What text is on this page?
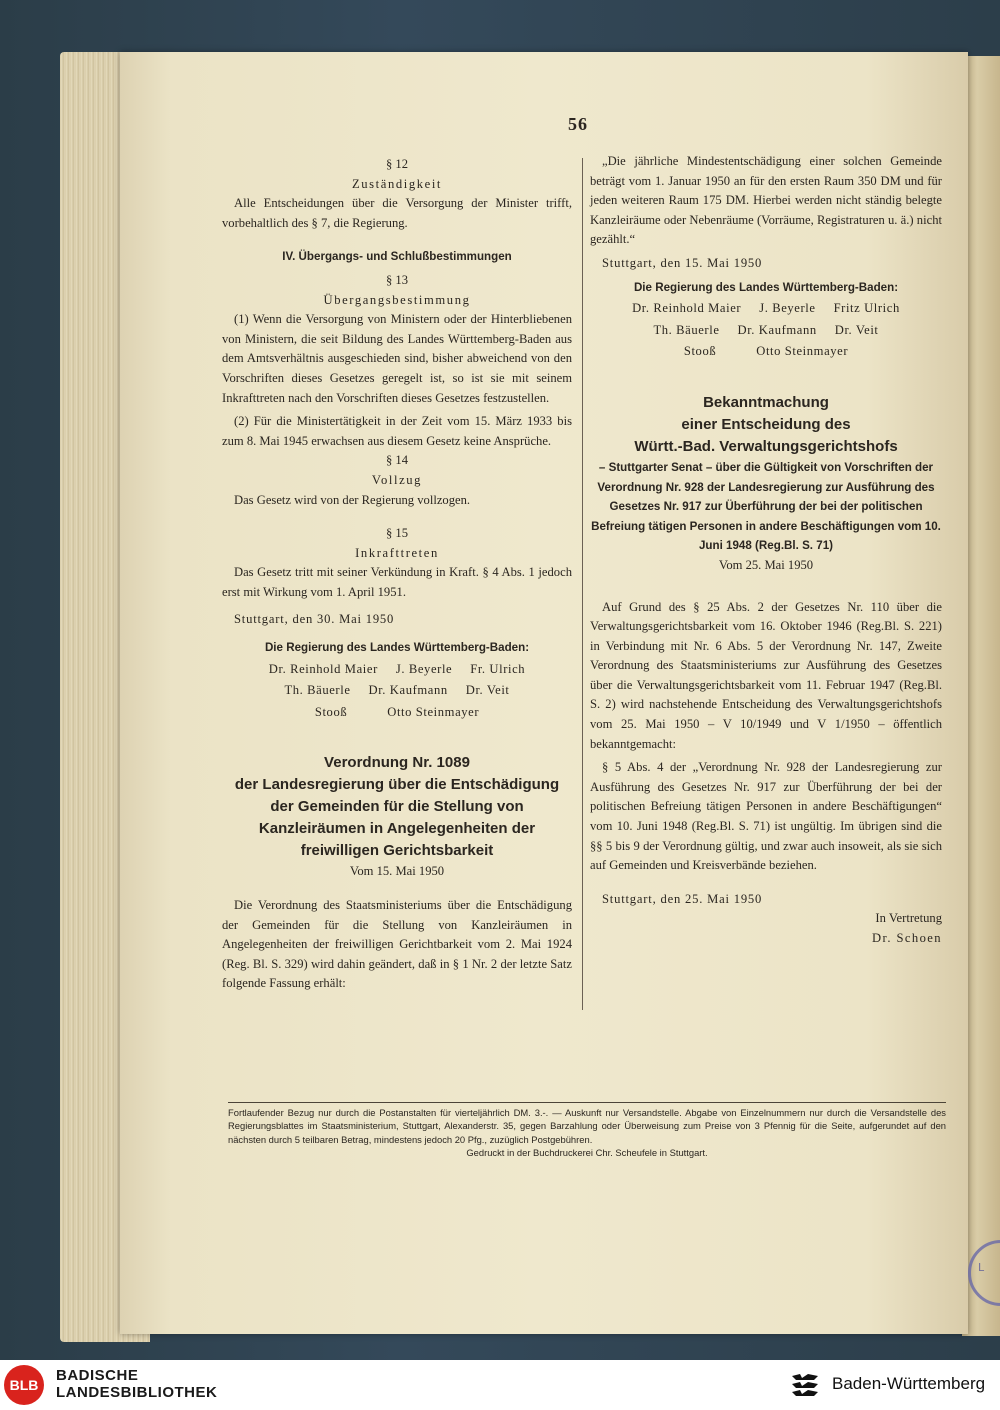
L
56

§ 12

Zuständigkeit

Alle Entscheidungen über die Versorgung der Minister trifft, vorbehaltlich des § 7, die Regierung.

IV. Übergangs- und Schlußbestimmungen

§ 13

Übergangsbestimmung

(1) Wenn die Versorgung von Ministern oder der Hinterbliebenen von Ministern, die seit Bildung des Landes Württemberg-Baden aus dem Amtsverhältnis ausgeschieden sind, bisher abweichend von den Vorschriften dieses Gesetzes geregelt ist, so ist sie mit seinem Inkrafttreten nach den Vorschriften dieses Gesetzes festzustellen.

(2) Für die Ministertätigkeit in der Zeit vom 15. März 1933 bis zum 8. Mai 1945 erwachsen aus diesem Gesetz keine Ansprüche.

§ 14

Vollzug

Das Gesetz wird von der Regierung vollzogen.

§ 15

Inkrafttreten

Das Gesetz tritt mit seiner Verkündung in Kraft. § 4 Abs. 1 jedoch erst mit Wirkung vom 1. April 1951.

Stuttgart, den 30. Mai 1950

Die Regierung des Landes Württemberg-Baden:

Dr. Reinhold Maier J. Beyerle Fr. Ulrich
Th. Bäuerle Dr. Kaufmann Dr. Veit
Stooß	Otto Steinmayer

Verordnung Nr. 1089

der Landesregierung über die Entschädigung der Gemeinden für die Stellung von Kanzleiräumen in Angelegenheiten der freiwilligen Gerichtsbarkeit

Vom 15. Mai 1950

Die Verordnung des Staatsministeriums über die Entschädigung der Gemeinden für die Stellung von Kanzleiräumen in Angelegenheiten der freiwilligen Gerichtbarkeit vom 2. Mai 1924 (Reg. Bl. S. 329) wird dahin geändert, daß in § 1 Nr. 2 der letzte Satz folgende Fassung erhält:

„Die jährliche Mindestentschädigung einer solchen Gemeinde beträgt vom 1. Januar 1950 an für den ersten Raum 350 DM und für jeden weiteren Raum 175 DM. Hierbei werden nicht ständig belegte Kanzleiräume oder Nebenräume (Vorräume, Registraturen u. ä.) nicht gezählt.“

Stuttgart, den 15. Mai 1950

Die Regierung des Landes Württemberg-Baden:

Dr. Reinhold Maier J. Beyerle Fritz Ulrich
Th. Bäuerle Dr. Kaufmann Dr. Veit
Stooß	Otto Steinmayer

Bekanntmachung

einer Entscheidung des

Württ.-Bad. Verwaltungsgerichtshofs

– Stuttgarter Senat – über die Gültigkeit von Vorschriften der Verordnung Nr. 928 der Landesregierung zur Ausführung des Gesetzes Nr. 917 zur Überführung der bei der politischen Befreiung tätigen Personen in andere Beschäftigungen vom 10. Juni 1948 (Reg.Bl. S. 71)

Vom 25. Mai 1950

Auf Grund des § 25 Abs. 2 der Gesetzes Nr. 110 über die Verwaltungsgerichtsbarkeit vom 16. Oktober 1946 (Reg.Bl. S. 221) in Verbindung mit Nr. 6 Abs. 5 der Verordnung Nr. 147, Zweite Verordnung des Staatsministeriums zur Ausführung des Gesetzes über die Verwaltungsgerichtsbarkeit vom 11. Februar 1947 (Reg.Bl. S. 2) wird nachstehende Entscheidung des Verwaltungsgerichtshofs vom 25. Mai 1950 – V 10/1949 und V 1/1950 – öffentlich bekanntgemacht:

§ 5 Abs. 4 der „Verordnung Nr. 928 der Landesregierung zur Ausführung des Gesetzes Nr. 917 zur Überführung der bei der politischen Befreiung tätigen Personen in andere Beschäftigungen“ vom 10. Juni 1948 (Reg.Bl. S. 71) ist ungültig. Im übrigen sind die §§ 5 bis 9 der Verordnung gültig, und zwar auch insoweit, als sie sich auf Gemeinden und Kreisverbände beziehen.

Stuttgart, den 25. Mai 1950

In Vertretung

Dr. Schoen

Fortlaufender Bezug nur durch die Postanstalten für vierteljährlich DM. 3.-. — Auskunft nur Versandstelle. Abgabe von Einzelnummern nur durch die Versandstelle des Regierungsblattes im Staatsministerium, Stuttgart, Alexanderstr. 35, gegen Barzahlung oder Überweisung zum Preise von 3 Pfennig für die Seite, aufgerundet auf den nächsten durch 5 teilbaren Betrag, mindestens jedoch 20 Pfg., zuzüglich Postgebühren.

Gedruckt in der Buchdruckerei Chr. Scheufele in Stuttgart.

BLB
BADISCHE
LANDESBIBLIOTHEK	Baden-Württemberg
